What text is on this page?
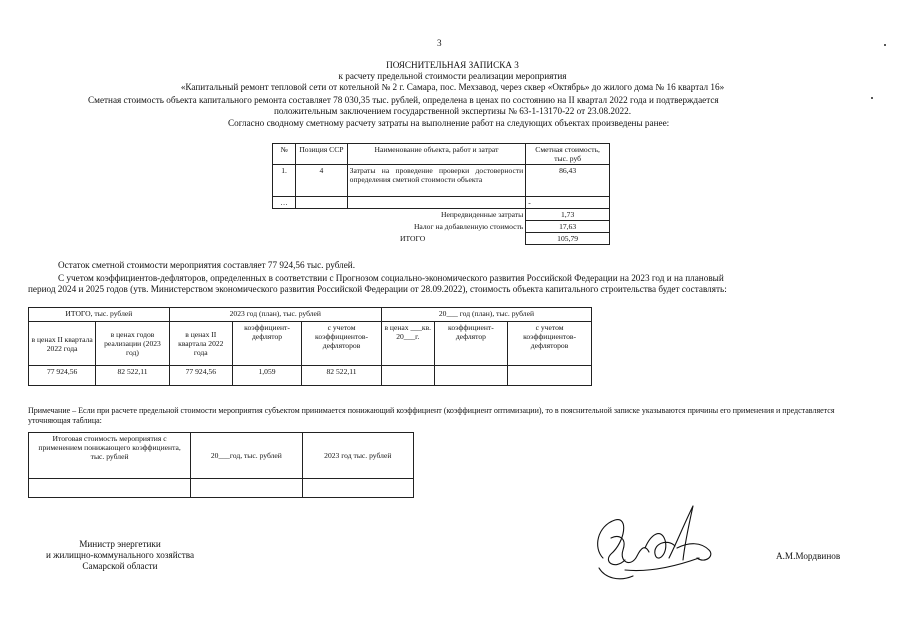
3
ПОЯСНИТЕЛЬНАЯ ЗАПИСКА 3
к расчету предельной стоимости реализации мероприятия
«Капитальный ремонт тепловой сети от котельной № 2 г. Самара, пос. Мехзавод, через сквер «Октябрь» до жилого дома № 16 квартал 16»
Сметная стоимость объекта капитального ремонта составляет 78 030,35 тыс. рублей, определена в ценах по состоянию на II квартал 2022 года и подтверждается
положительным заключением государственной экспертизы № 63-1-13170-22 от 23.08.2022.
Согласно сводному сметному расчету затраты на выполнение работ на следующих объектах произведены ранее:
№	Позиция ССР	Наименование объекта, работ и затрат	Сметная стоимость, тыс. руб
1.	4	Затраты на проведение проверки достоверности определения сметной стоимости объекта	86,43
…			-
Непредвиденные затраты			1,73
Налог на добавленную стоимость			17,63
ИТОГО			105,79
Остаток сметной стоимости мероприятия составляет 77 924,56 тыс. рублей.
С учетом коэффициентов-дефляторов, определенных в соответствии с Прогнозом социально-экономического развития Российской Федерации на 2023 год и на плановый
период 2024 и 2025 годов (утв. Министерством экономического развития Российской Федерации от 28.09.2022), стоимость объекта капитального строительства будет составлять:
ИТОГО, тыс. рублей		2023 год (план), тыс. рублей			20___ год (план), тыс. рублей		
в ценах II квартала 2022 года	в ценах годов реализации (2023 год)	в ценах II квартала 2022 года	коэффициент-дефлятор	с учетом коэффициентов-дефляторов	в ценах ___кв. 20___г.	коэффициент-дефлятор	с учетом коэффициентов-дефляторов
77 924,56	82 522,11	77 924,56	1,059	82 522,11			
Примечание – Если при расчете предельной стоимости мероприятия субъектом принимается понижающий коэффициент (коэффициент оптимизации), то в пояснительной записке указываются причины его применения и представляется уточняющая таблица:
Итоговая стоимость мероприятия с применением понижающего коэффициента, тыс. рублей	20___год, тыс. рублей	2023 год тыс. рублей

Министр энергетики
и жилищно-коммунального хозяйства
Самарской области
А.М.Мордвинов
